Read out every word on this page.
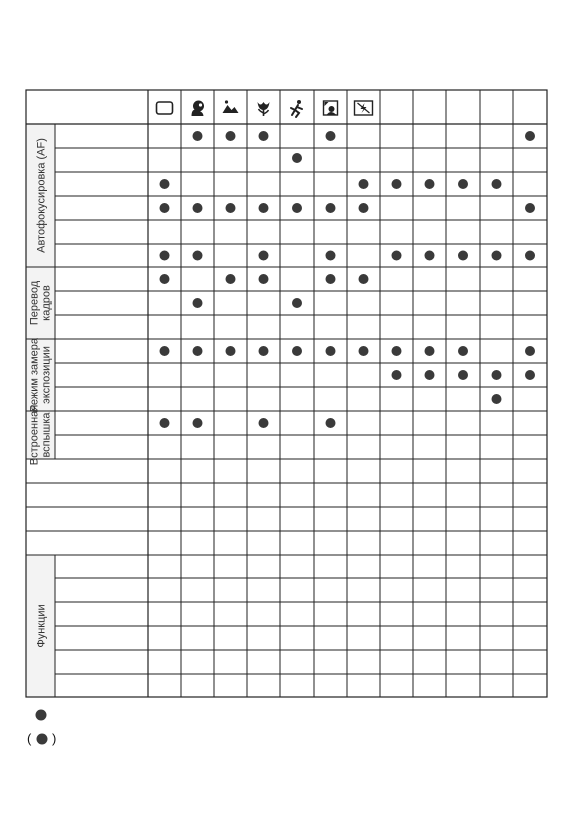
Автофокусировка (AF)
Перевод кадров
Режим замера экспозиции
Встроенная вспышка
Функции
( )
